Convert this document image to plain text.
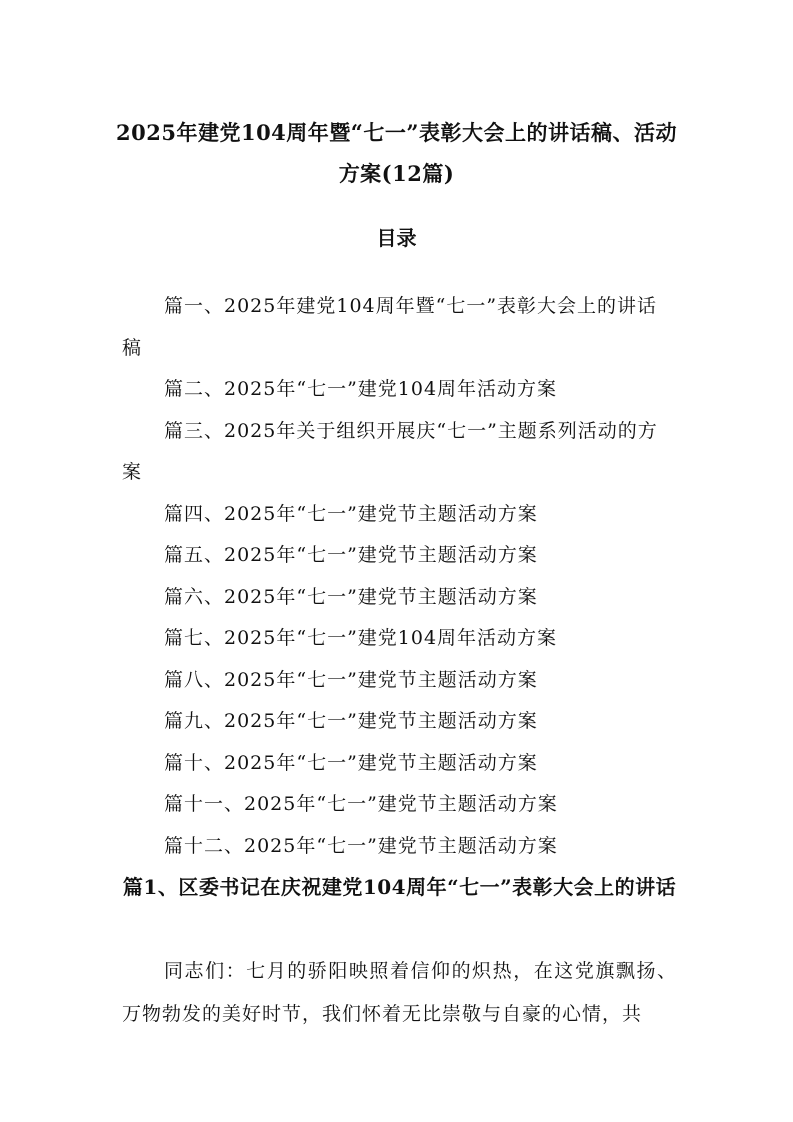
2025年建党104周年暨“七一”表彰大会上的讲话稿、活动方案(12篇)
目录
篇一、2025年建党104周年暨“七一”表彰大会上的讲话稿
篇二、2025年“七一”建党104周年活动方案
篇三、2025年关于组织开展庆“七一”主题系列活动的方案
篇四、2025年“七一”建党节主题活动方案
篇五、2025年“七一”建党节主题活动方案
篇六、2025年“七一”建党节主题活动方案
篇七、2025年“七一”建党104周年活动方案
篇八、2025年“七一”建党节主题活动方案
篇九、2025年“七一”建党节主题活动方案
篇十、2025年“七一”建党节主题活动方案
篇十一、2025年“七一”建党节主题活动方案
篇十二、2025年“七一”建党节主题活动方案
篇1、区委书记在庆祝建党104周年“七一”表彰大会上的讲话

同志们：七月的骄阳映照着信仰的炽热，在这党旗飘扬、万物勃发的美好时节，我们怀着无比崇敬与自豪的心情，共
